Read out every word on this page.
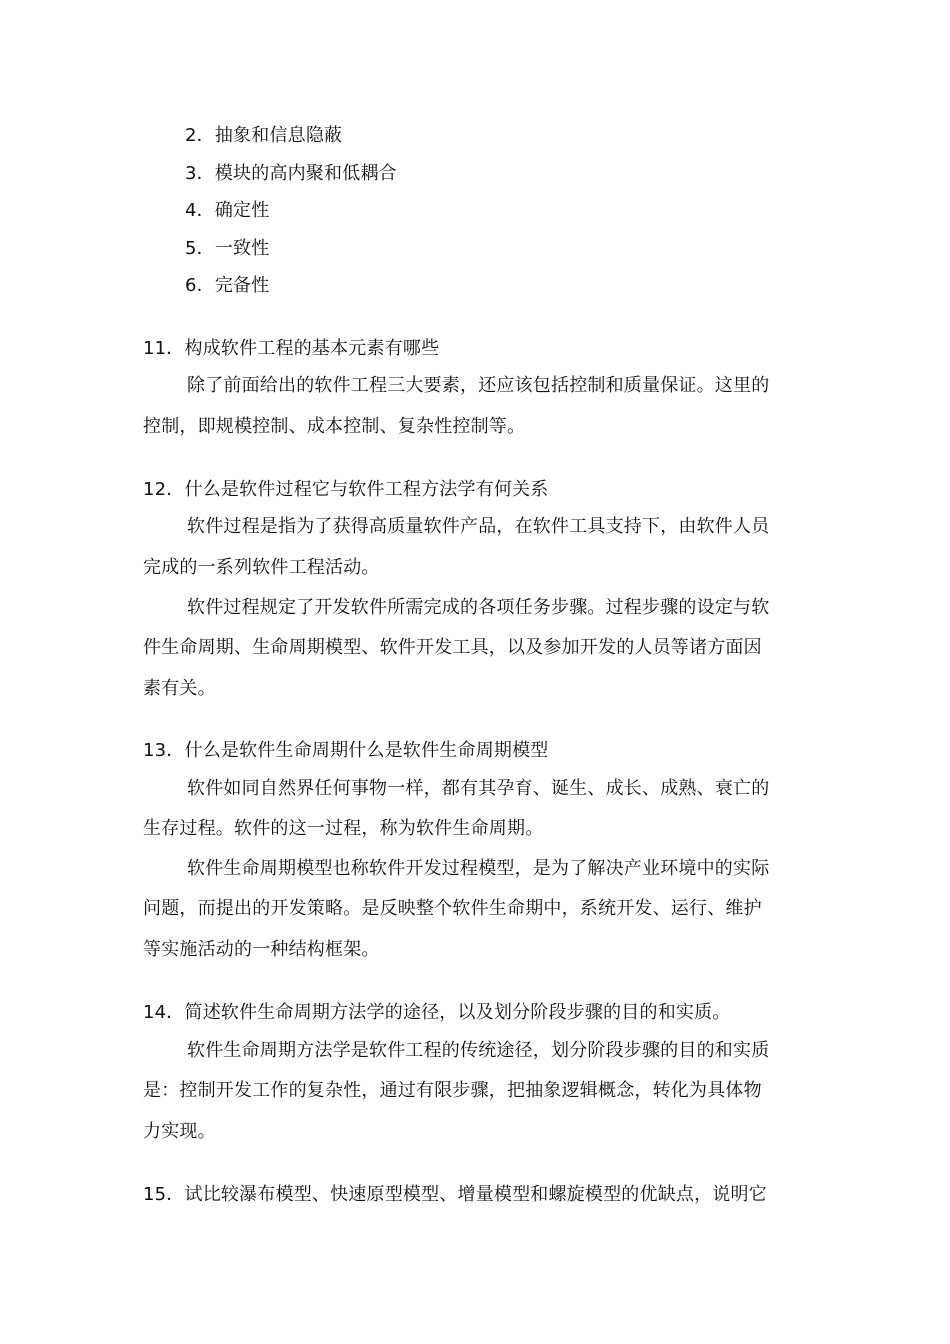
2．抽象和信息隐蔽
3．模块的高内聚和低耦合
4．确定性
5．一致性
6．完备性
11．构成软件工程的基本元素有哪些
除了前面给出的软件工程三大要素，还应该包括控制和质量保证。这里的
控制，即规模控制、成本控制、复杂性控制等。
12．什么是软件过程它与软件工程方法学有何关系
软件过程是指为了获得高质量软件产品，在软件工具支持下，由软件人员
完成的一系列软件工程活动。
软件过程规定了开发软件所需完成的各项任务步骤。过程步骤的设定与软
件生命周期、生命周期模型、软件开发工具，以及参加开发的人员等诸方面因
素有关。
13．什么是软件生命周期什么是软件生命周期模型
软件如同自然界任何事物一样，都有其孕育、诞生、成长、成熟、衰亡的
生存过程。软件的这一过程，称为软件生命周期。
软件生命周期模型也称软件开发过程模型，是为了解决产业环境中的实际
问题，而提出的开发策略。是反映整个软件生命期中，系统开发、运行、维护
等实施活动的一种结构框架。
14．简述软件生命周期方法学的途径，以及划分阶段步骤的目的和实质。
软件生命周期方法学是软件工程的传统途径，划分阶段步骤的目的和实质
是：控制开发工作的复杂性，通过有限步骤，把抽象逻辑概念，转化为具体物
力实现。
15．试比较瀑布模型、快速原型模型、增量模型和螺旋模型的优缺点，说明它
